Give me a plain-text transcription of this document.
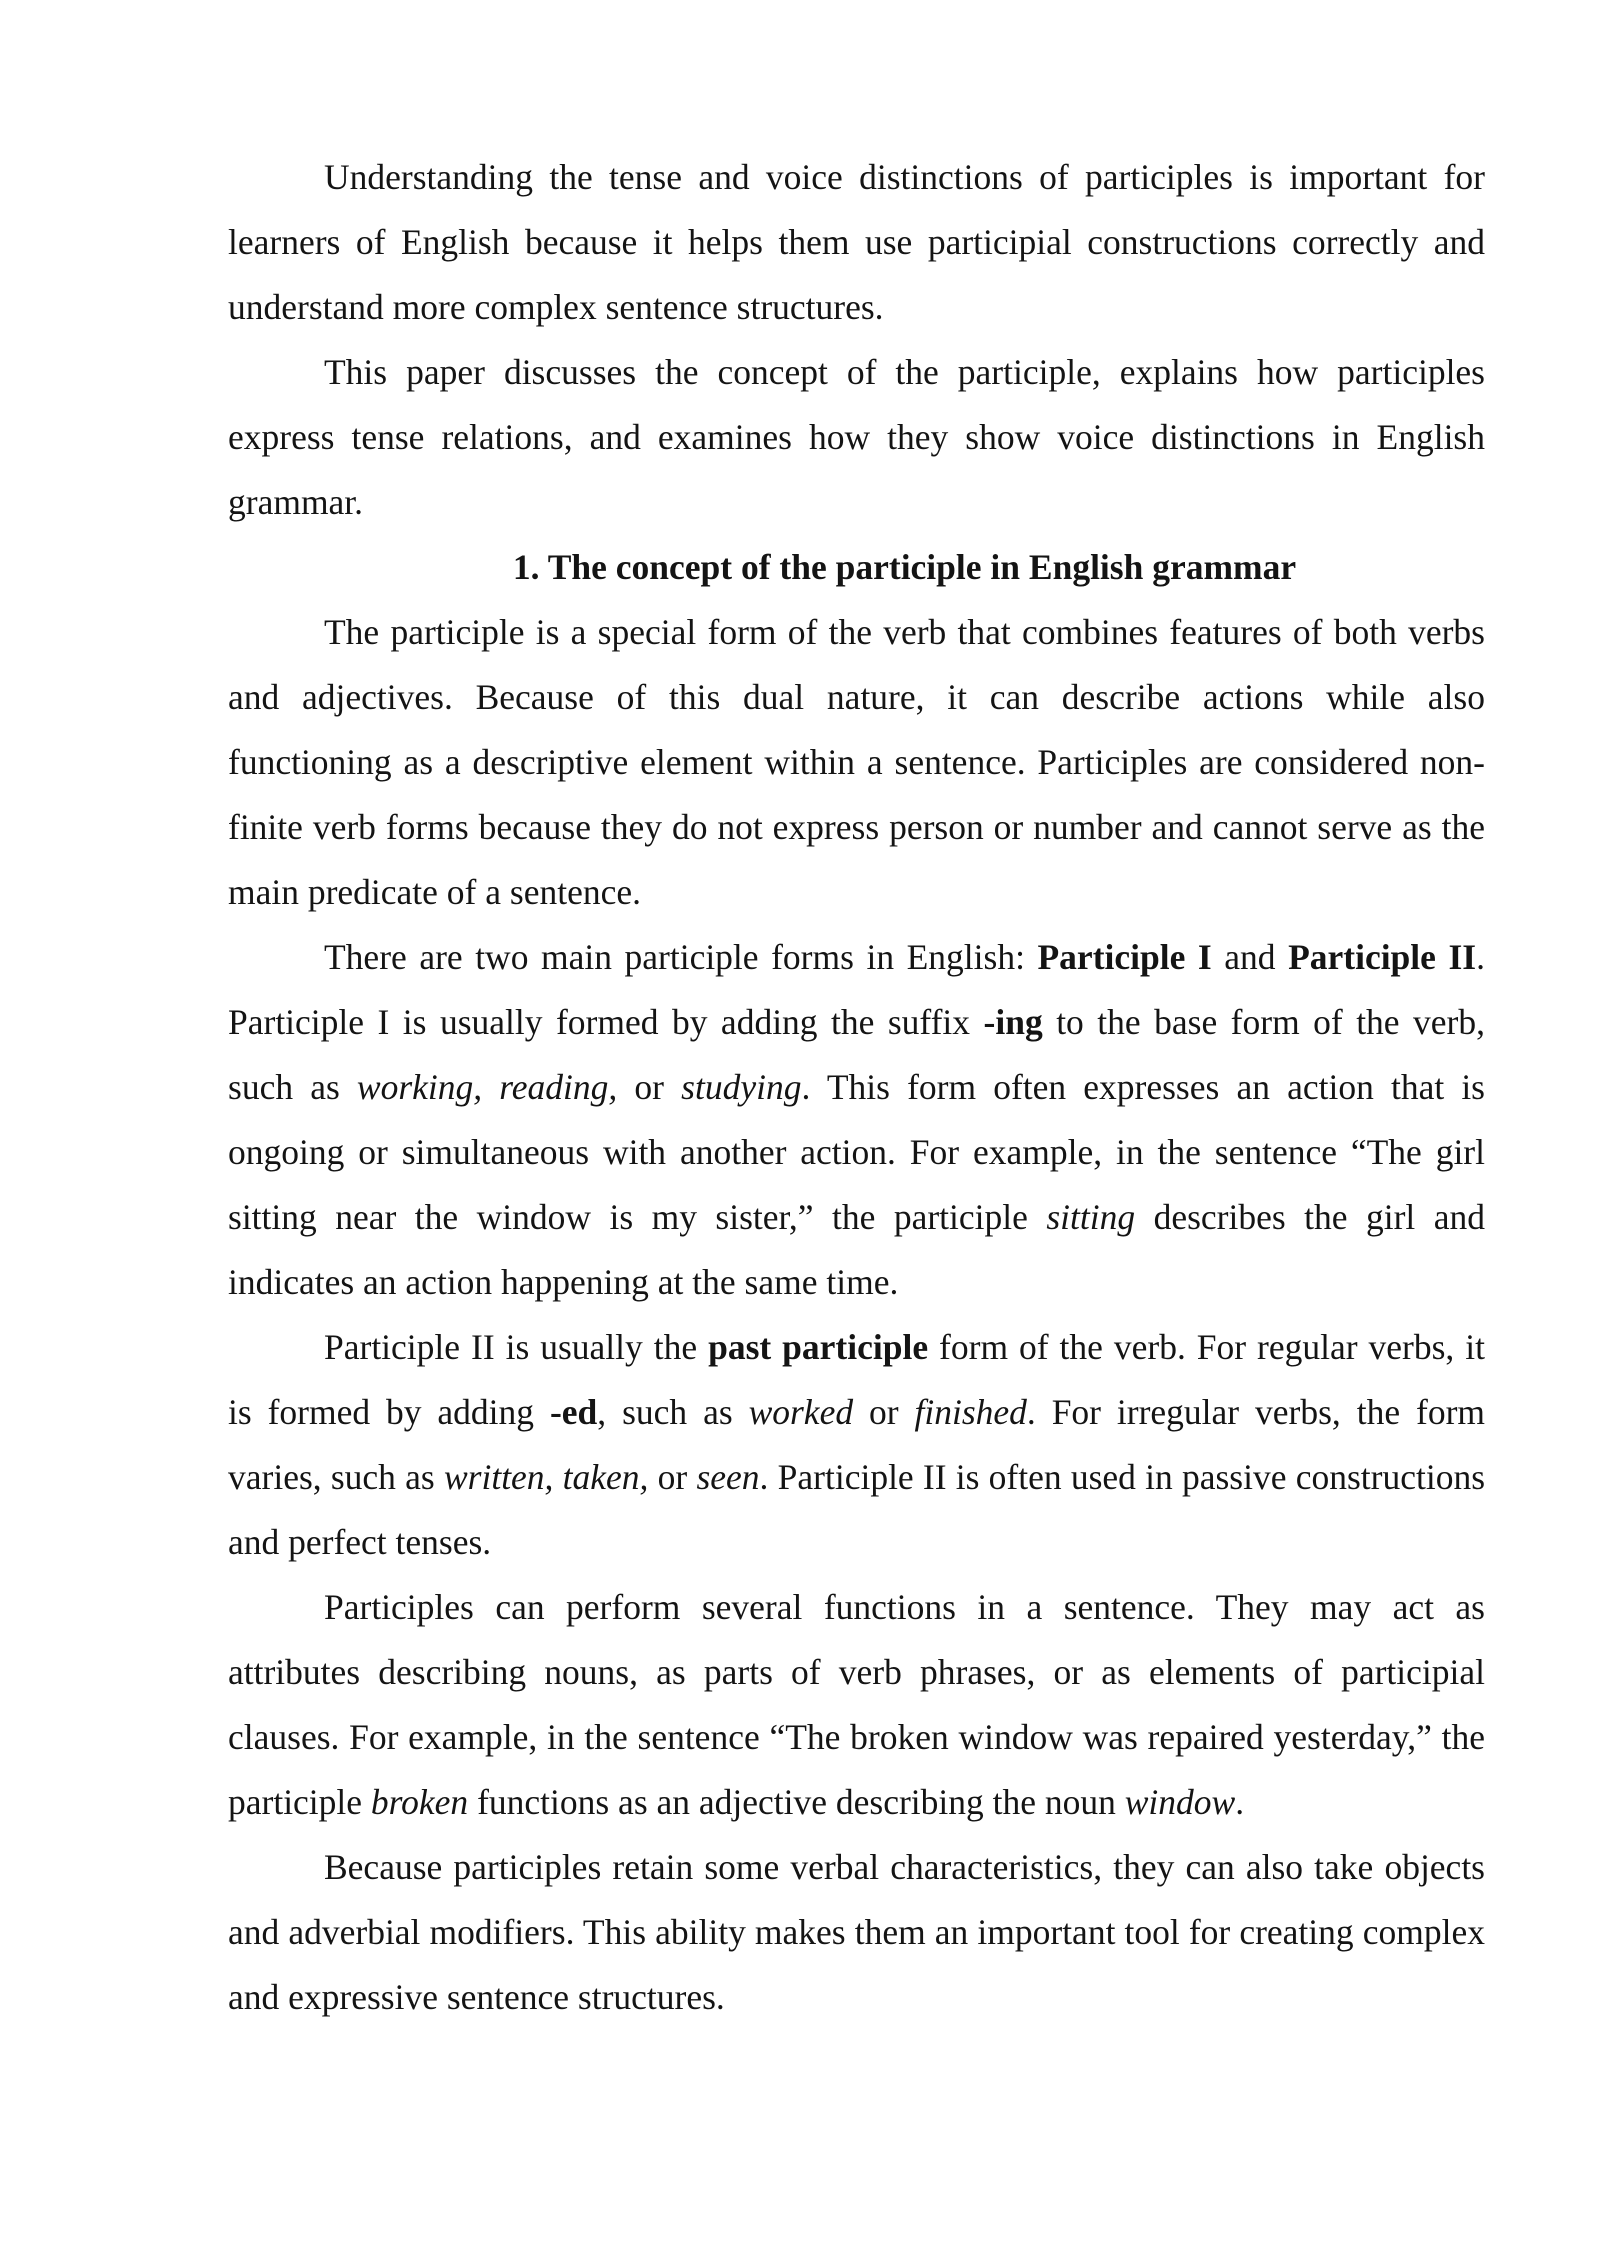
Understanding the tense and voice distinctions of participles is important for learners of English because it helps them use participial constructions correctly and understand more complex sentence structures.

This paper discusses the concept of the participle, explains how participles express tense relations, and examines how they show voice distinctions in English grammar.

1. The concept of the participle in English grammar

The participle is a special form of the verb that combines features of both verbs and adjectives. Because of this dual nature, it can describe actions while also functioning as a descriptive element within a sentence. Participles are considered non-finite verb forms because they do not express person or number and cannot serve as the main predicate of a sentence.

There are two main participle forms in English: Participle I and Participle II. Participle I is usually formed by adding the suffix -ing to the base form of the verb, such as working, reading, or studying. This form often expresses an action that is ongoing or simultaneous with another action. For example, in the sentence “The girl sitting near the window is my sister,” the participle sitting describes the girl and indicates an action happening at the same time.

Participle II is usually the past participle form of the verb. For regular verbs, it is formed by adding -ed, such as worked or finished. For irregular verbs, the form varies, such as written, taken, or seen. Participle II is often used in passive constructions and perfect tenses.

Participles can perform several functions in a sentence. They may act as attributes describing nouns, as parts of verb phrases, or as elements of participial clauses. For example, in the sentence “The broken window was repaired yesterday,” the participle broken functions as an adjective describing the noun window.

Because participles retain some verbal characteristics, they can also take objects and adverbial modifiers. This ability makes them an important tool for creating complex and expressive sentence structures.
